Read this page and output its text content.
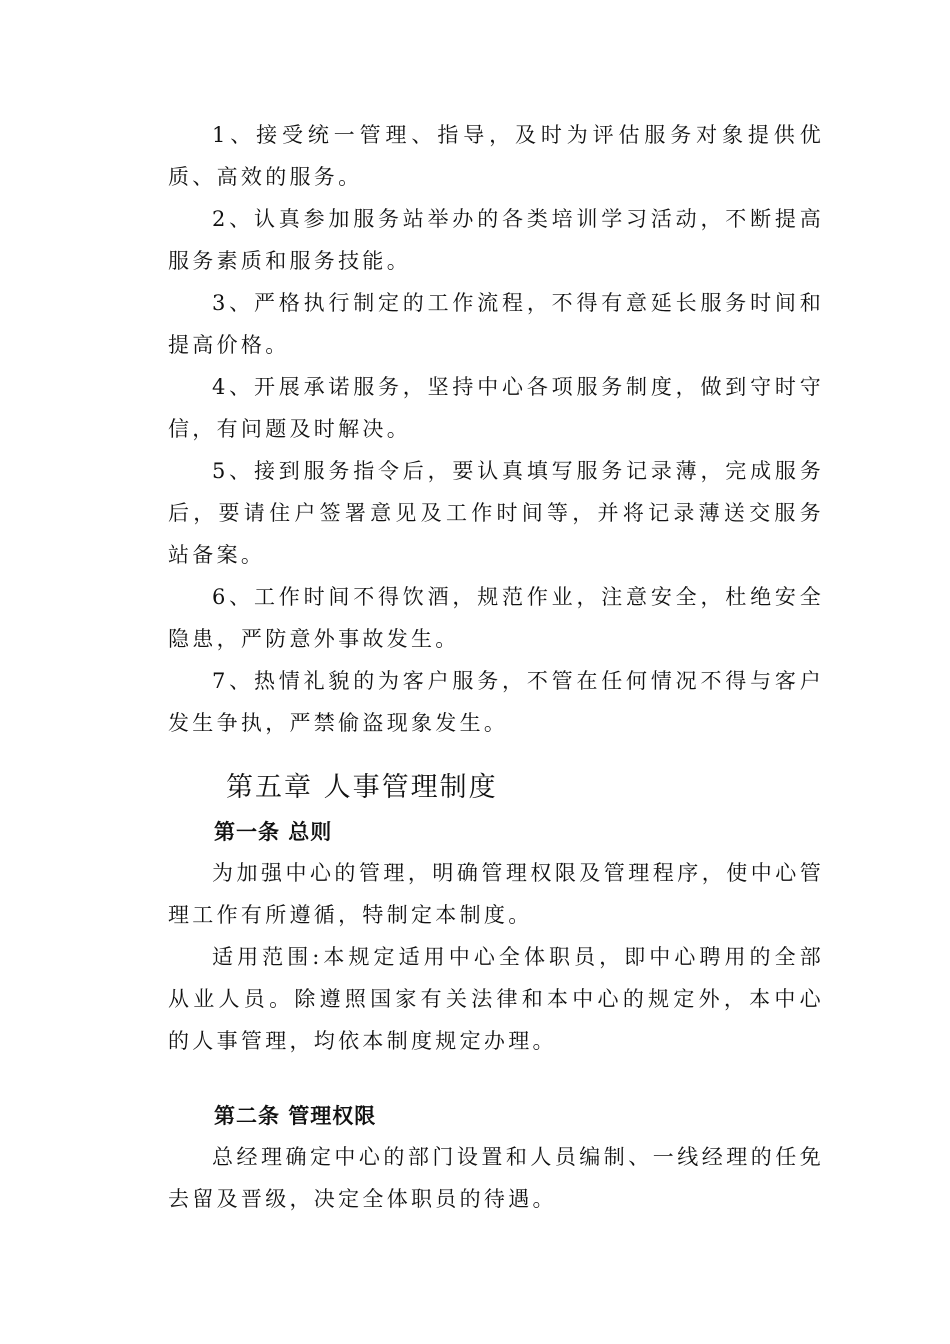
1、接受统一管理、指导，及时为评估服务对象提供优质、高效的服务。

2、认真参加服务站举办的各类培训学习活动，不断提高服务素质和服务技能。

3、严格执行制定的工作流程，不得有意延长服务时间和提高价格。

4、开展承诺服务，坚持中心各项服务制度，做到守时守信，有问题及时解决。

5、接到服务指令后，要认真填写服务记录薄，完成服务后，要请住户签署意见及工作时间等，并将记录薄送交服务站备案。

6、工作时间不得饮酒，规范作业，注意安全，杜绝安全隐患，严防意外事故发生。

7、热情礼貌的为客户服务，不管在任何情况不得与客户发生争执，严禁偷盗现象发生。

第五章 人事管理制度
第一条 总则

为加强中心的管理，明确管理权限及管理程序，使中心管理工作有所遵循，特制定本制度。

适用范围:本规定适用中心全体职员，即中心聘用的全部从业人员。除遵照国家有关法律和本中心的规定外，本中心的人事管理，均依本制度规定办理。

第二条 管理权限

总经理确定中心的部门设置和人员编制、一线经理的任免去留及晋级，决定全体职员的待遇。
